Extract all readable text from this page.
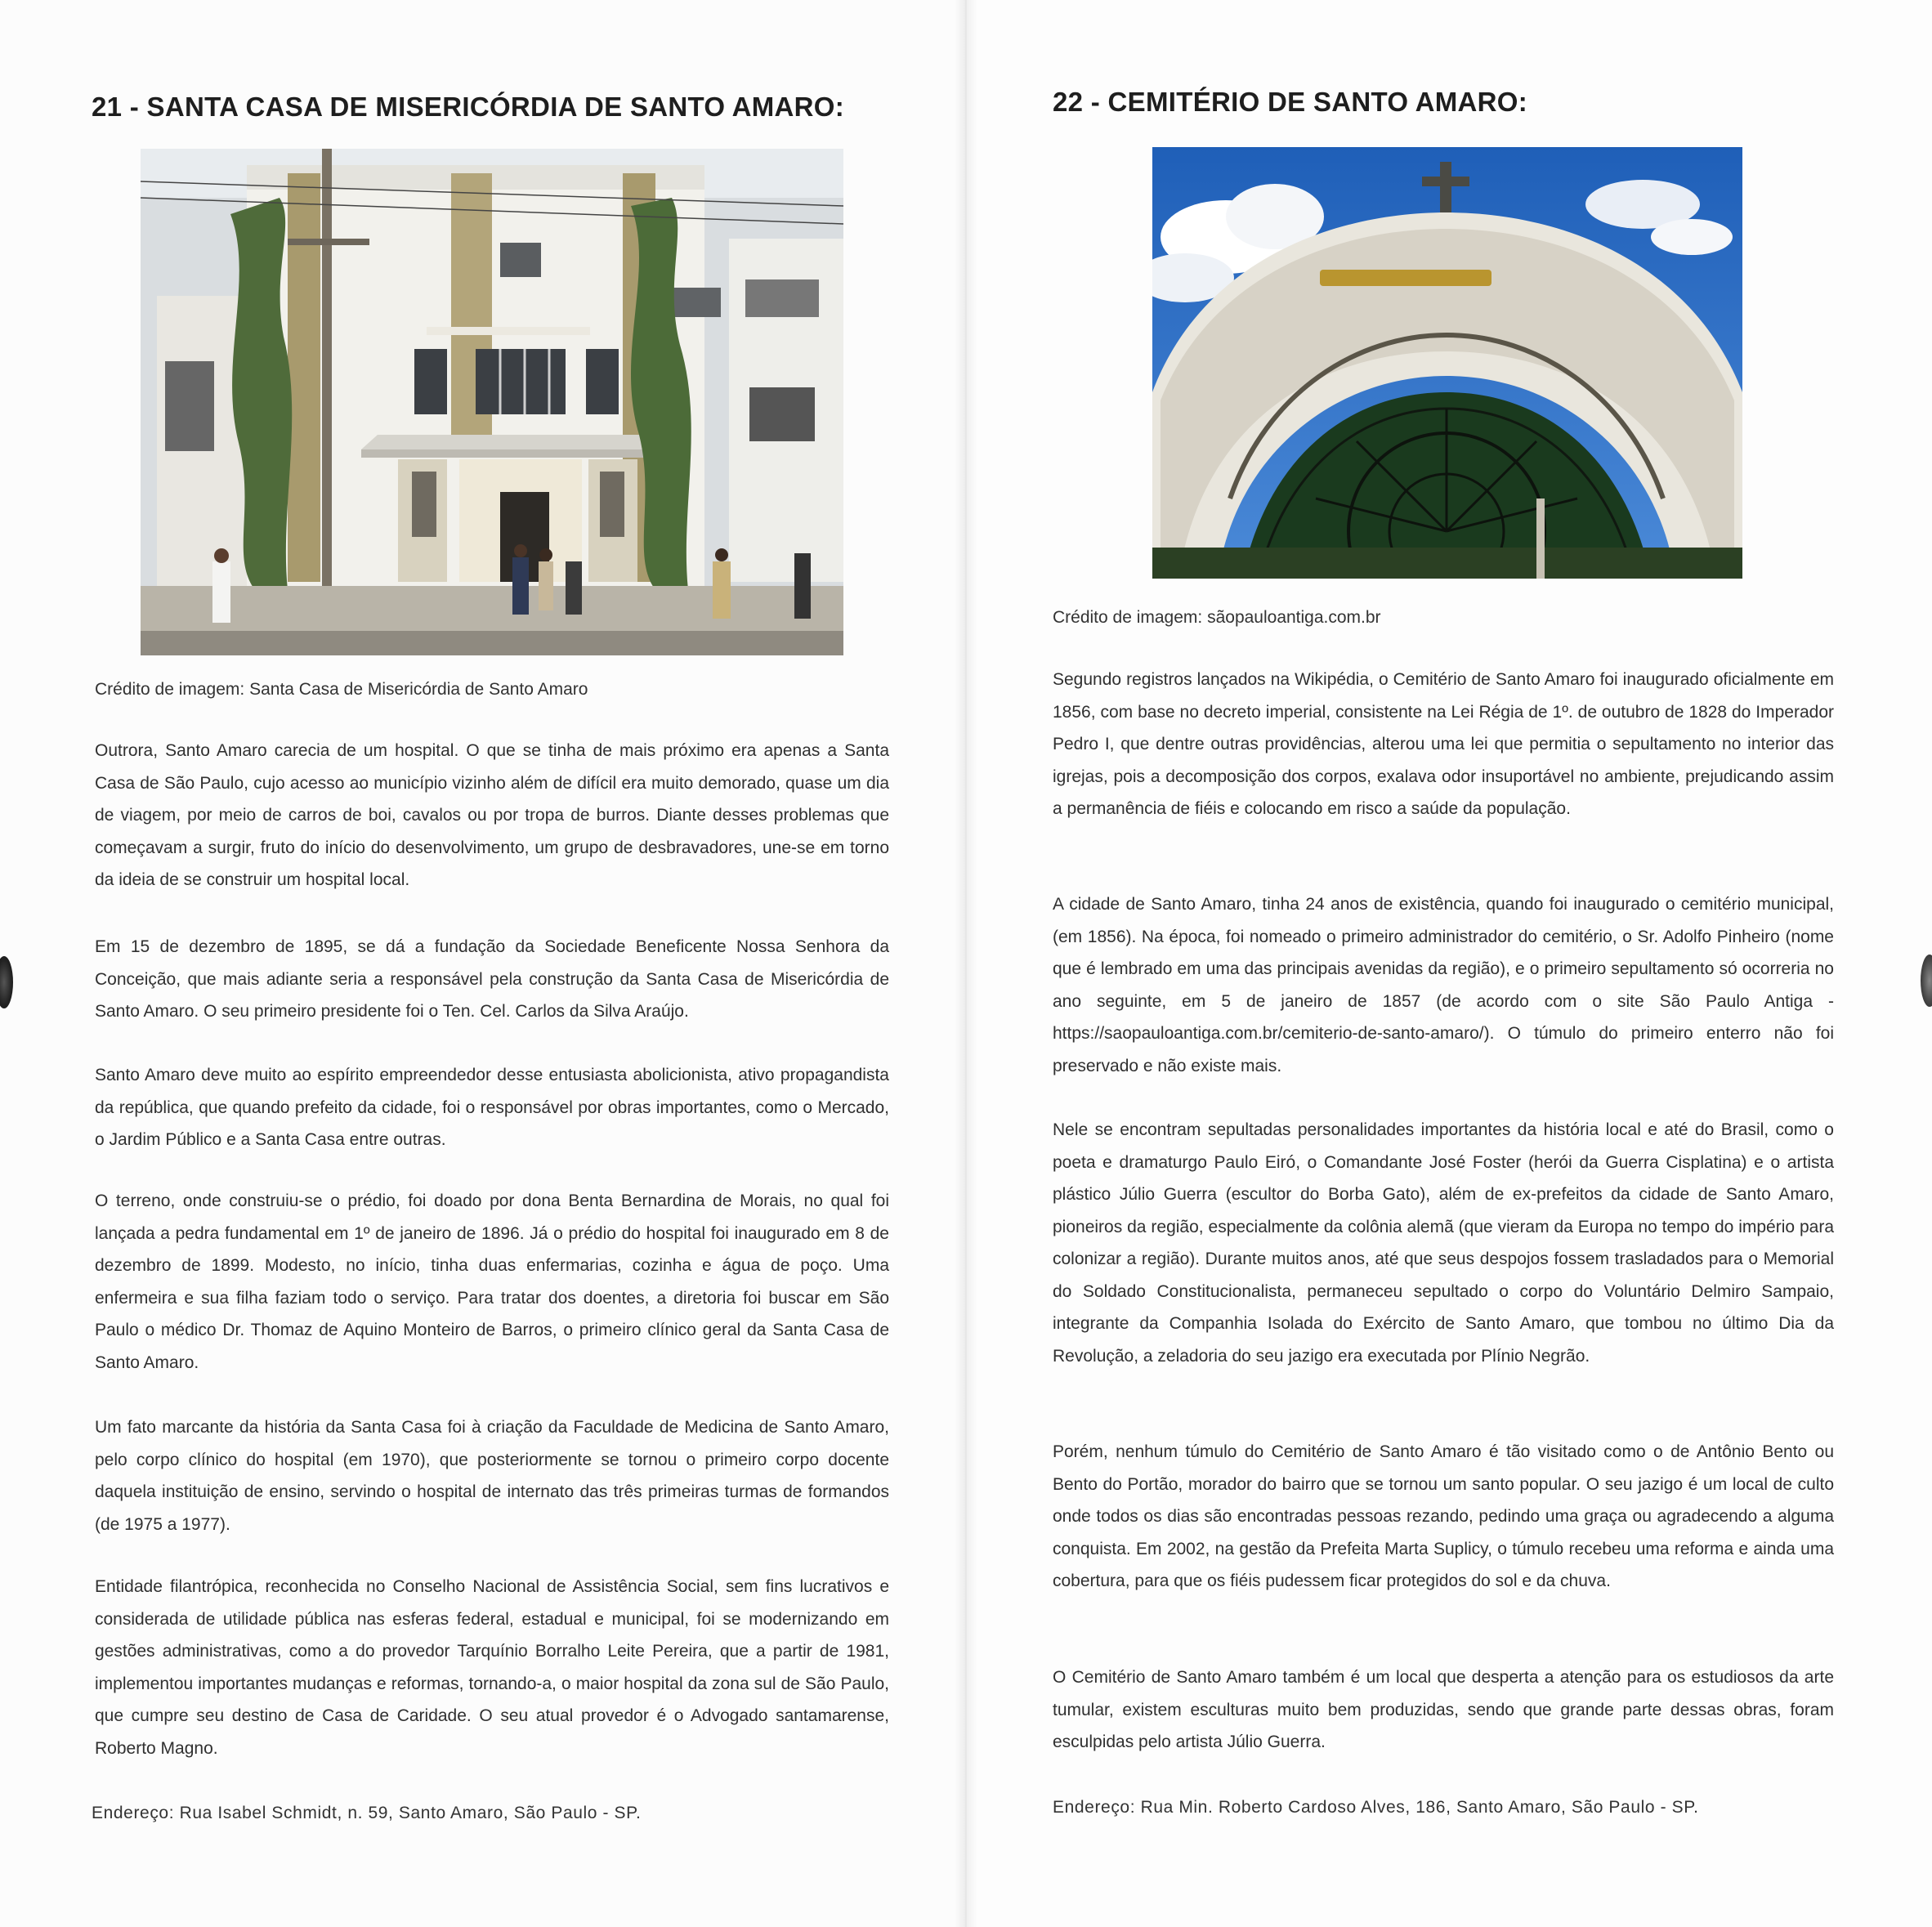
21 - SANTA CASA DE MISERICÓRDIA DE SANTO AMARO:

Crédito de imagem: Santa Casa de Misericórdia de Santo Amaro

Outrora, Santo Amaro carecia de um hospital. O que se tinha de mais próximo era apenas a Santa Casa de São Paulo, cujo acesso ao município vizinho além de difícil era muito demorado, quase um dia de viagem, por meio de carros de boi, cavalos ou por tropa de burros. Diante desses problemas que começavam a surgir, fruto do início do desenvolvimento, um grupo de desbravadores, une-se em torno da ideia de se construir um hospital local.

Em 15 de dezembro de 1895, se dá a fundação da Sociedade Beneficente Nossa Senhora da Conceição, que mais adiante seria a responsável pela construção da Santa Casa de Misericórdia de Santo Amaro. O seu primeiro presidente foi o Ten. Cel. Carlos da Silva Araújo.

Santo Amaro deve muito ao espírito empreendedor desse entusiasta abolicionista, ativo propagandista da república, que quando prefeito da cidade, foi o responsável por obras importantes, como o Mercado, o Jardim Público e a Santa Casa entre outras.

O terreno, onde construiu-se o prédio, foi doado por dona Benta Bernardina de Morais, no qual foi lançada a pedra fundamental em 1º de janeiro de 1896. Já o prédio do hospital foi inaugurado em 8 de dezembro de 1899. Modesto, no início, tinha duas enfermarias, cozinha e água de poço. Uma enfermeira e sua filha faziam todo o serviço. Para tratar dos doentes, a diretoria foi buscar em São Paulo o médico Dr. Thomaz de Aquino Monteiro de Barros, o primeiro clínico geral da Santa Casa de Santo Amaro.

Um fato marcante da história da Santa Casa foi à criação da Faculdade de Medicina de Santo Amaro, pelo corpo clínico do hospital (em 1970), que posteriormente se tornou o primeiro corpo docente daquela instituição de ensino, servindo o hospital de internato das três primeiras turmas de formandos (de 1975 a 1977).

Entidade filantrópica, reconhecida no Conselho Nacional de Assistência Social, sem fins lucrativos e considerada de utilidade pública nas esferas federal, estadual e municipal, foi se modernizando em gestões administrativas, como a do provedor Tarquínio Borralho Leite Pereira, que a partir de 1981, implementou importantes mudanças e reformas, tornando-a, o maior hospital da zona sul de São Paulo, que cumpre seu destino de Casa de Caridade. O seu atual provedor é o Advogado santamarense, Roberto Magno.

Endereço: Rua Isabel Schmidt, n. 59, Santo Amaro, São Paulo - SP.

22 - CEMITÉRIO DE SANTO AMARO:

Crédito de imagem: sãopauloantiga.com.br

Segundo registros lançados na Wikipédia, o Cemitério de Santo Amaro foi inaugurado oficialmente em 1856, com base no decreto imperial, consistente na Lei Régia de 1º. de outubro de 1828 do Imperador Pedro I, que dentre outras providências, alterou uma lei que permitia o sepultamento no interior das igrejas, pois a decomposição dos corpos, exalava odor insuportável no ambiente, prejudicando assim a permanência de fiéis e colocando em risco a saúde da população.

A cidade de Santo Amaro, tinha 24 anos de existência, quando foi inaugurado o cemitério municipal, (em 1856). Na época, foi nomeado o primeiro administrador do cemitério, o Sr. Adolfo Pinheiro (nome que é lembrado em uma das principais avenidas da região), e o primeiro sepultamento só ocorreria no ano seguinte, em 5 de janeiro de 1857 (de acordo com o site São Paulo Antiga - https://saopauloantiga.com.br/cemiterio-de-santo-amaro/). O túmulo do primeiro enterro não foi preservado e não existe mais.

Nele se encontram sepultadas personalidades importantes da história local e até do Brasil, como o poeta e dramaturgo Paulo Eiró, o Comandante José Foster (herói da Guerra Cisplatina) e o artista plástico Júlio Guerra (escultor do Borba Gato), além de ex-prefeitos da cidade de Santo Amaro, pioneiros da região, especialmente da colônia alemã (que vieram da Europa no tempo do império para colonizar a região). Durante muitos anos, até que seus despojos fossem trasladados para o Memorial do Soldado Constitucionalista, permaneceu sepultado o corpo do Voluntário Delmiro Sampaio, integrante da Companhia Isolada do Exército de Santo Amaro, que tombou no último Dia da Revolução, a zeladoria do seu jazigo era executada por Plínio Negrão.

Porém, nenhum túmulo do Cemitério de Santo Amaro é tão visitado como o de Antônio Bento ou Bento do Portão, morador do bairro que se tornou um santo popular. O seu jazigo é um local de culto onde todos os dias são encontradas pessoas rezando, pedindo uma graça ou agradecendo a alguma conquista. Em 2002, na gestão da Prefeita Marta Suplicy, o túmulo recebeu uma reforma e ainda uma cobertura, para que os fiéis pudessem ficar protegidos do sol e da chuva.

O Cemitério de Santo Amaro também é um local que desperta a atenção para os estudiosos da arte tumular, existem esculturas muito bem produzidas, sendo que grande parte dessas obras, foram esculpidas pelo artista Júlio Guerra.

Endereço: Rua Min. Roberto Cardoso Alves, 186, Santo Amaro, São Paulo - SP.
